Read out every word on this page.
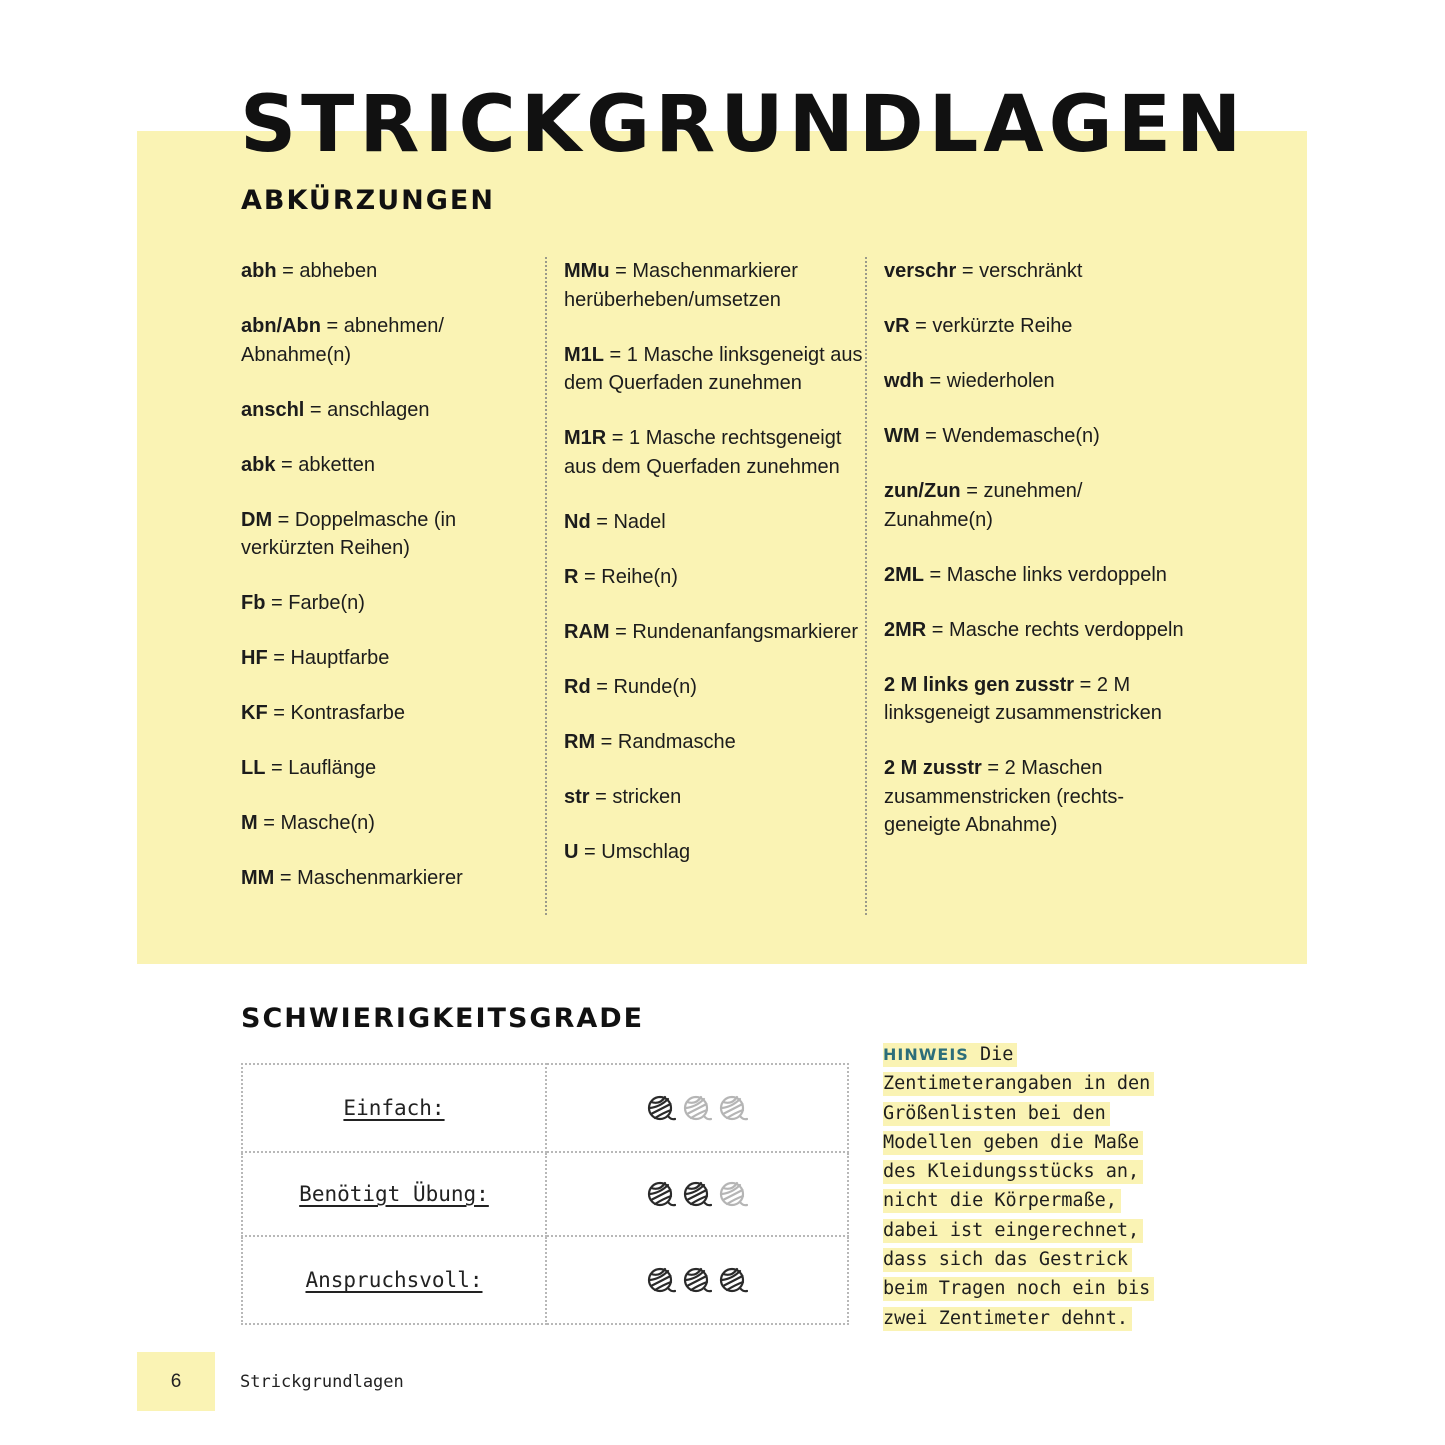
STRICKGRUNDLAGEN
ABKÜRZUNGEN

abh = abheben

abn/Abn = abnehmen/ Abnahme(n)

anschl = anschlagen

abk = abketten

DM = Doppelmasche (in verkürzten Reihen)

Fb = Farbe(n)

HF = Hauptfarbe

KF = Kontrasfarbe

LL = Lauflänge

M = Masche(n)

MM = Maschenmarkierer

MMu = Maschenmarkierer herüberheben/umsetzen

M1L = 1 Masche linksgeneigt aus dem Querfaden zunehmen

M1R = 1 Masche rechtsgeneigt aus dem Querfaden zunehmen

Nd = Nadel

R = Reihe(n)

RAM = Rundenanfangsmarkierer

Rd = Runde(n)

RM = Randmasche

str = stricken

U = Umschlag

verschr = verschränkt

vR = verkürzte Reihe

wdh = wiederholen

WM = Wendemasche(n)

zun/Zun = zunehmen/ Zunahme(n)

2ML = Masche links verdoppeln

2MR = Masche rechts verdoppeln

2 M links gen zusstr = 2 M linksgeneigt zusammenstricken

2 M zusstr = 2 Maschen zusammenstricken (rechts-geneigte Abnahme)

SCHWIERIGKEITSGRADE
Einfach:	

Benötigt Übung:	

Anspruchsvoll:	
HINWEIS Die Zentimeterangaben in den Größenlisten bei den Modellen geben die Maße des Kleidungsstücks an, nicht die Körpermaße, dabei ist eingerechnet, dass sich das Gestrick beim Tragen noch ein bis zwei Zentimeter dehnt.
6	Strickgrundlagen
